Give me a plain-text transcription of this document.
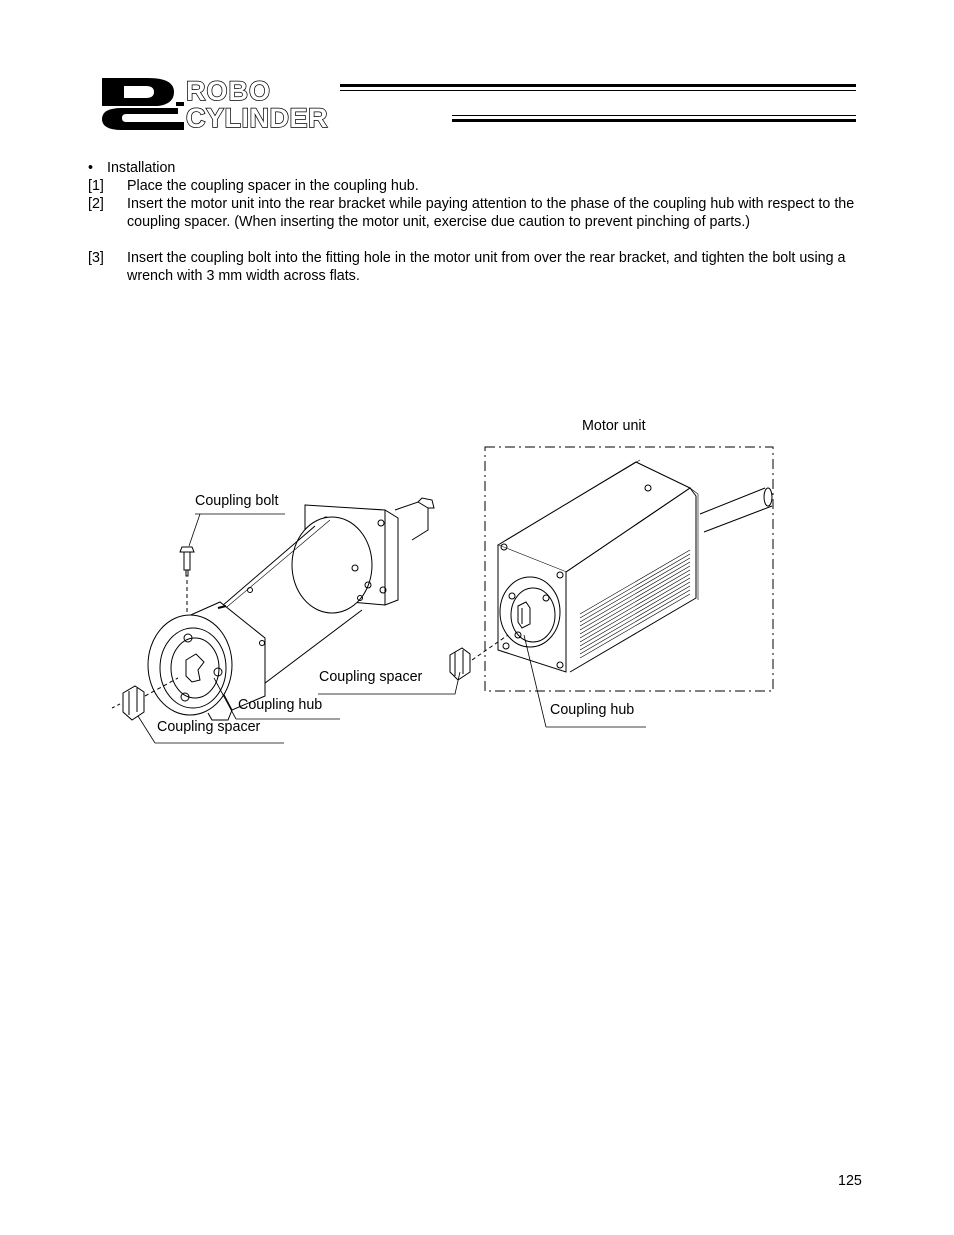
ROBO
CYLINDER
• Installation
[1] Place the coupling spacer in the coupling hub.
[2] Insert the motor unit into the rear bracket while paying attention to the phase of the coupling hub with respect to the coupling spacer. (When inserting the motor unit, exercise due caution to prevent pinching of parts.)
[3] Insert the coupling bolt into the fitting hole in the motor unit from over the rear bracket, and tighten the bolt using a wrench with 3 mm width across flats.
Motor unit
Coupling bolt
Coupling spacer
Coupling hub	Coupling hub
Coupling spacer
125
